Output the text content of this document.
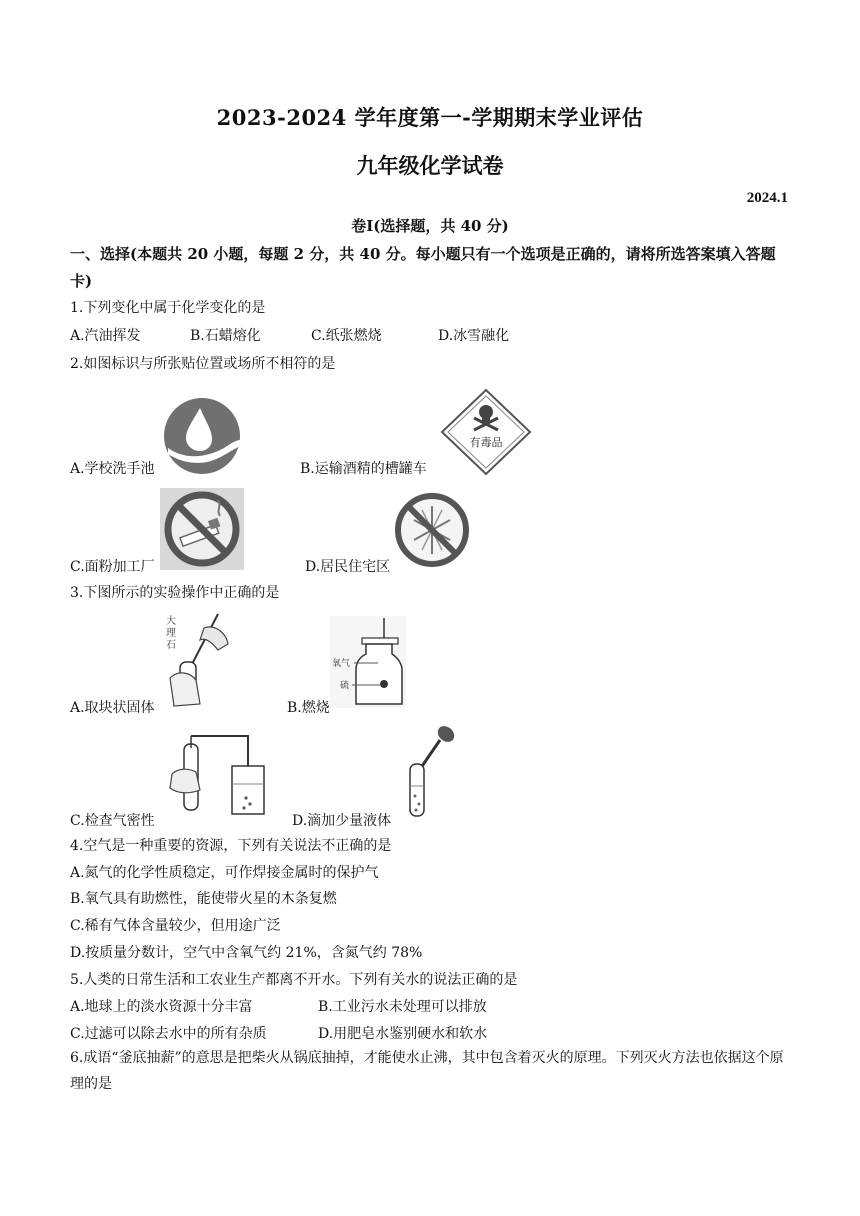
2023-2024 学年度第一-学期期末学业评估
九年级化学试卷
2024.1
卷Ⅰ(选择题，共 40 分)
一、选择(本题共 20 小题，每题 2 分，共 40 分。每小题只有一个选项是正确的，请将所选答案填入答题卡)
1.下列变化中属于化学变化的是
A.汽油挥发	B.石蜡熔化	C.纸张燃烧	D.冰雪融化
2.如图标识与所张贴位置或场所不相符的是
A.学校洗手池
有毒品
B.运输酒精的槽罐车
C.面粉加工厂	D.居民住宅区
3.下图所示的实验操作中正确的是
大
理
石
A.取块状固体
氧气
硫
B.燃烧
C.检查气密性	D.滴加少量液体
4.空气是一种重要的资源，下列有关说法不正确的是
A.氮气的化学性质稳定，可作焊接金属时的保护气
B.氧气具有助燃性，能使带火星的木条复燃
C.稀有气体含量较少，但用途广泛
D.按质量分数计，空气中含氧气约 21%，含氮气约 78%
5.人类的日常生活和工农业生产都离不开水。下列有关水的说法正确的是
A.地球上的淡水资源十分丰富	B.工业污水未处理可以排放
C.过滤可以除去水中的所有杂质	D.用肥皂水鉴别硬水和软水
6.成语“釜底抽薪”的意思是把柴火从锅底抽掉，才能使水止沸，其中包含着灭火的原理。下列灭火方法也依据这个原理的是
